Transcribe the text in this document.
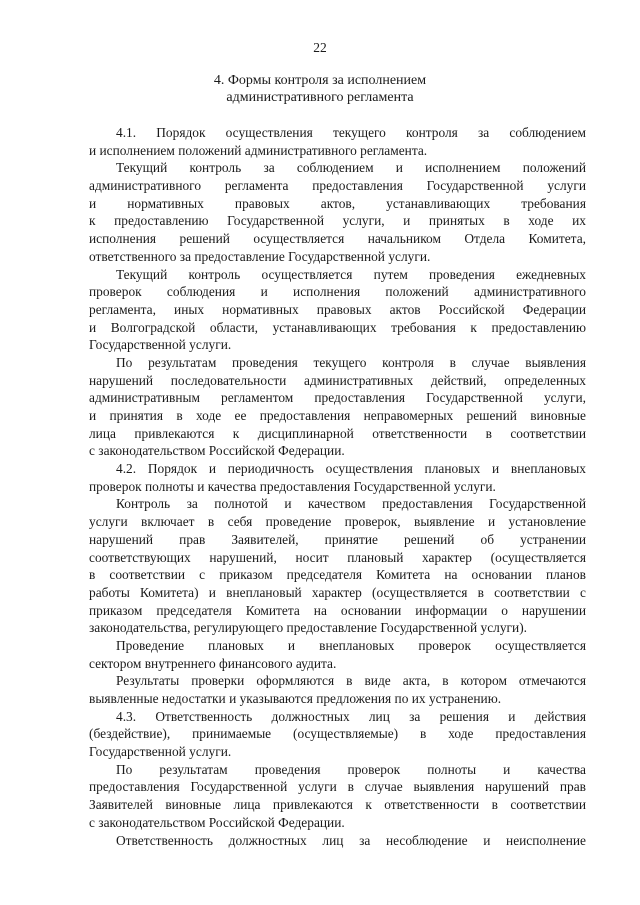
22
4. Формы контроля за исполнением
административного регламента
4.1. Порядок осуществления текущего контроля за соблюдением
и исполнением положений административного регламента.
Текущий контроль за соблюдением и исполнением положений
административного регламента предоставления Государственной услуги
и нормативных правовых актов, устанавливающих требования
к предоставлению Государственной услуги, и принятых в ходе их
исполнения решений осуществляется начальником Отдела Комитета,
ответственного за предоставление Государственной услуги.
Текущий контроль осуществляется путем проведения ежедневных
проверок соблюдения и исполнения положений административного
регламента, иных нормативных правовых актов Российской Федерации
и Волгоградской области, устанавливающих требования к предоставлению
Государственной услуги.
По результатам проведения текущего контроля в случае выявления
нарушений последовательности административных действий, определенных
административным регламентом предоставления Государственной услуги,
и принятия в ходе ее предоставления неправомерных решений виновные
лица привлекаются к дисциплинарной ответственности в соответствии
с законодательством Российской Федерации.
4.2. Порядок и периодичность осуществления плановых и внеплановых
проверок полноты и качества предоставления Государственной услуги.
Контроль за полнотой и качеством предоставления Государственной
услуги включает в себя проведение проверок, выявление и установление
нарушений прав Заявителей, принятие решений об устранении
соответствующих нарушений, носит плановый характер (осуществляется
в соответствии с приказом председателя Комитета на основании планов
работы Комитета) и внеплановый характер (осуществляется в соответствии с
приказом председателя Комитета на основании информации о нарушении
законодательства, регулирующего предоставление Государственной услуги).
Проведение плановых и внеплановых проверок осуществляется
сектором внутреннего финансового аудита.
Результаты проверки оформляются в виде акта, в котором отмечаются
выявленные недостатки и указываются предложения по их устранению.
4.3. Ответственность должностных лиц за решения и действия
(бездействие), принимаемые (осуществляемые) в ходе предоставления
Государственной услуги.
По результатам проведения проверок полноты и качества
предоставления Государственной услуги в случае выявления нарушений прав
Заявителей виновные лица привлекаются к ответственности в соответствии
с законодательством Российской Федерации.
Ответственность должностных лиц за несоблюдение и неисполнение
